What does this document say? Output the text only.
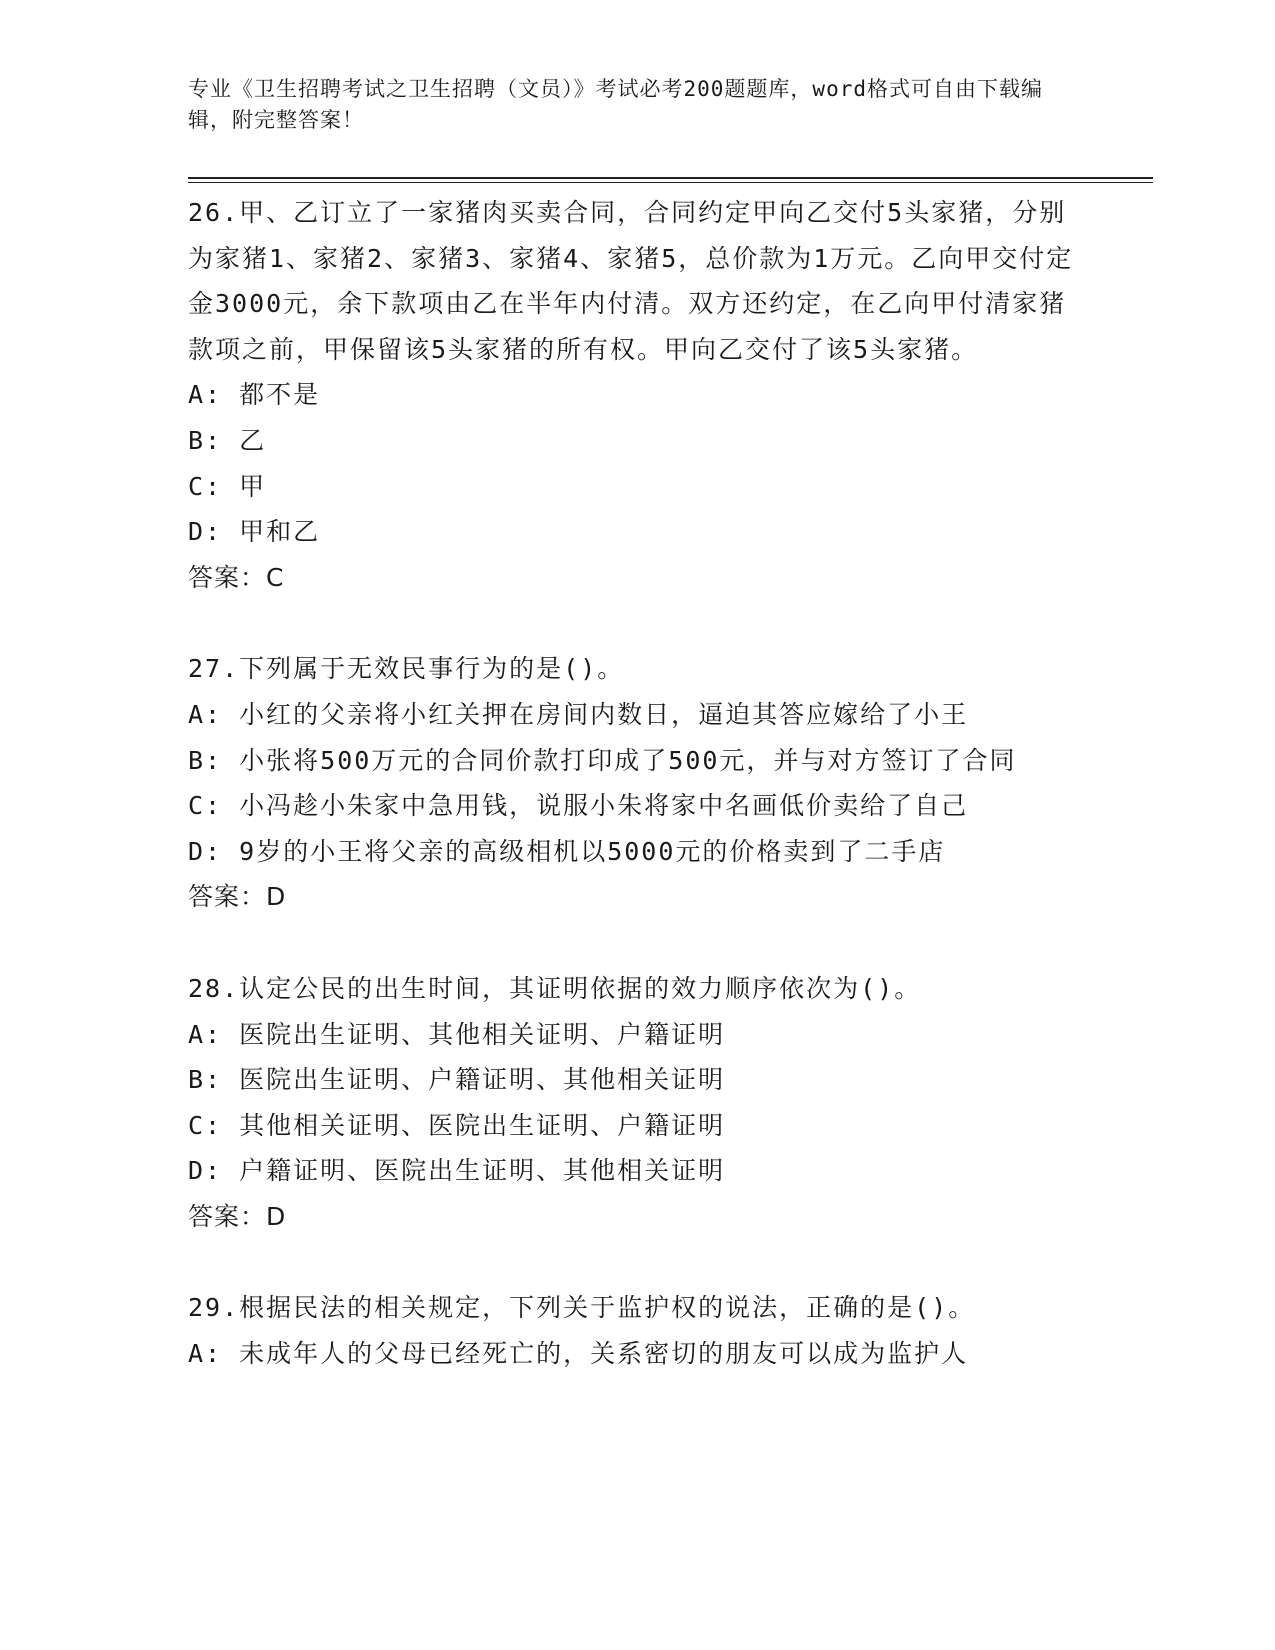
专业《卫生招聘考试之卫生招聘（文员）》考试必考200题题库，word格式可自由下载编辑，附完整答案！
26.甲、乙订立了一家猪肉买卖合同，合同约定甲向乙交付5头家猪，分别为家猪1、家猪2、家猪3、家猪4、家猪5，总价款为1万元。乙向甲交付定金3000元，余下款项由乙在半年内付清。双方还约定，在乙向甲付清家猪款项之前，甲保留该5头家猪的所有权。甲向乙交付了该5头家猪。
A: 都不是
B: 乙
C: 甲
D: 甲和乙
答案：C
27.下列属于无效民事行为的是()。
A: 小红的父亲将小红关押在房间内数日，逼迫其答应嫁给了小王
B: 小张将500万元的合同价款打印成了500元，并与对方签订了合同
C: 小冯趁小朱家中急用钱，说服小朱将家中名画低价卖给了自己
D: 9岁的小王将父亲的高级相机以5000元的价格卖到了二手店
答案：D
28.认定公民的出生时间，其证明依据的效力顺序依次为()。
A: 医院出生证明、其他相关证明、户籍证明
B: 医院出生证明、户籍证明、其他相关证明
C: 其他相关证明、医院出生证明、户籍证明
D: 户籍证明、医院出生证明、其他相关证明
答案：D
29.根据民法的相关规定，下列关于监护权的说法，正确的是()。
A: 未成年人的父母已经死亡的，关系密切的朋友可以成为监护人
